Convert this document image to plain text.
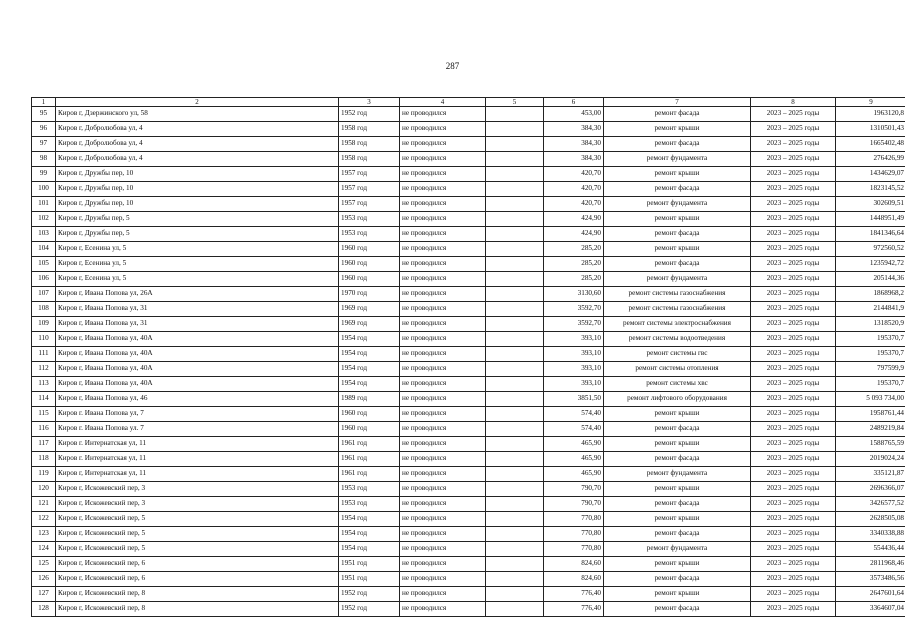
287
1	2	3	4	5	6	7	8	9
95	Киров г, Дзержинского ул, 58	1952 год	не проводился		453,00	ремонт фасада	2023 – 2025 годы	1963120,8
96	Киров г, Добролюбова ул, 4	1958 год	не проводился		384,30	ремонт крыши	2023 – 2025 годы	1310501,43
97	Киров г, Добролюбова ул, 4	1958 год	не проводился		384,30	ремонт фасада	2023 – 2025 годы	1665402,48
98	Киров г, Добролюбова ул, 4	1958 год	не проводился		384,30	ремонт фундамента	2023 – 2025 годы	276426,99
99	Киров г, Дружбы пер, 10	1957 год	не проводился		420,70	ремонт крыши	2023 – 2025 годы	1434629,07
100	Киров г, Дружбы пер, 10	1957 год	не проводился		420,70	ремонт фасада	2023 – 2025 годы	1823145,52
101	Киров г, Дружбы пер, 10	1957 год	не проводился		420,70	ремонт фундамента	2023 – 2025 годы	302609,51
102	Киров г, Дружбы пер, 5	1953 год	не проводился		424,90	ремонт крыши	2023 – 2025 годы	1448951,49
103	Киров г, Дружбы пер, 5	1953 год	не проводился		424,90	ремонт фасада	2023 – 2025 годы	1841346,64
104	Киров г, Есенина ул, 5	1960 год	не проводился		285,20	ремонт крыши	2023 – 2025 годы	972560,52
105	Киров г, Есенина ул, 5	1960 год	не проводился		285,20	ремонт фасада	2023 – 2025 годы	1235942,72
106	Киров г, Есенина ул, 5	1960 год	не проводился		285,20	ремонт фундамента	2023 – 2025 годы	205144,36
107	Киров г, Ивана Попова ул, 26А	1970 год	не проводился		3130,60	ремонт системы газоснабжения	2023 – 2025 годы	1868968,2
108	Киров г, Ивана Попова ул, 31	1969 год	не проводился		3592,70	ремонт системы газоснабжения	2023 – 2025 годы	2144841,9
109	Киров г, Ивана Попова ул, 31	1969 год	не проводился		3592,70	ремонт системы электроснабжения	2023 – 2025 годы	1318520,9
110	Киров г, Ивана Попова ул, 40А	1954 год	не проводился		393,10	ремонт системы водоотведения	2023 – 2025 годы	195370,7
111	Киров г, Ивана Попова ул, 40А	1954 год	не проводился		393,10	ремонт системы гвс	2023 – 2025 годы	195370,7
112	Киров г, Ивана Попова ул, 40А	1954 год	не проводился		393,10	ремонт системы отопления	2023 – 2025 годы	797599,9
113	Киров г, Ивана Попова ул, 40А	1954 год	не проводился		393,10	ремонт системы хвс	2023 – 2025 годы	195370,7
114	Киров г, Ивана Попова ул, 46	1989 год	не проводился		3851,50	ремонт лифтового оборудования	2023 – 2025 годы	5 093 734,00
115	Киров г. Ивана Попова ул, 7	1960 год	не проводился		574,40	ремонт крыши	2023 – 2025 годы	1958761,44
116	Киров г. Ивана Попова ул. 7	1960 год	не проводился		574,40	ремонт фасада	2023 – 2025 годы	2489219,84
117	Киров г. Интернатская ул, 11	1961 год	не проводился		465,90	ремонт крыши	2023 – 2025 годы	1588765,59
118	Киров г. Интернатская ул, 11	1961 год	не проводился		465,90	ремонт фасада	2023 – 2025 годы	2019024,24
119	Киров г, Интернатская ул, 11	1961 год	не проводился		465,90	ремонт фундамента	2023 – 2025 годы	335121,87
120	Киров г, Искожевский пер, 3	1953 год	не проводился		790,70	ремонт крыши	2023 – 2025 годы	2696366,07
121	Киров г, Искожевский пер, 3	1953 год	не проводился		790,70	ремонт фасада	2023 – 2025 годы	3426577,52
122	Киров г, Искожевский пер, 5	1954 год	не проводился		770,80	ремонт крыши	2023 – 2025 годы	2628505,08
123	Киров г, Искожевский пер, 5	1954 год	не проводился		770,80	ремонт фасада	2023 – 2025 годы	3340338,88
124	Киров г, Искожевский пер, 5	1954 год	не проводился		770,80	ремонт фундамента	2023 – 2025 годы	554436,44
125	Киров г, Искожевский пер, 6	1951 год	не проводился		824,60	ремонт крыши	2023 – 2025 годы	2811968,46
126	Киров г, Искожевский пер, 6	1951 год	не проводился		824,60	ремонт фасада	2023 – 2025 годы	3573486,56
127	Киров г, Искожевский пер, 8	1952 год	не проводился		776,40	ремонт крыши	2023 – 2025 годы	2647601,64
128	Киров г, Искожевский пер, 8	1952 год	не проводился		776,40	ремонт фасада	2023 – 2025 годы	3364607,04
